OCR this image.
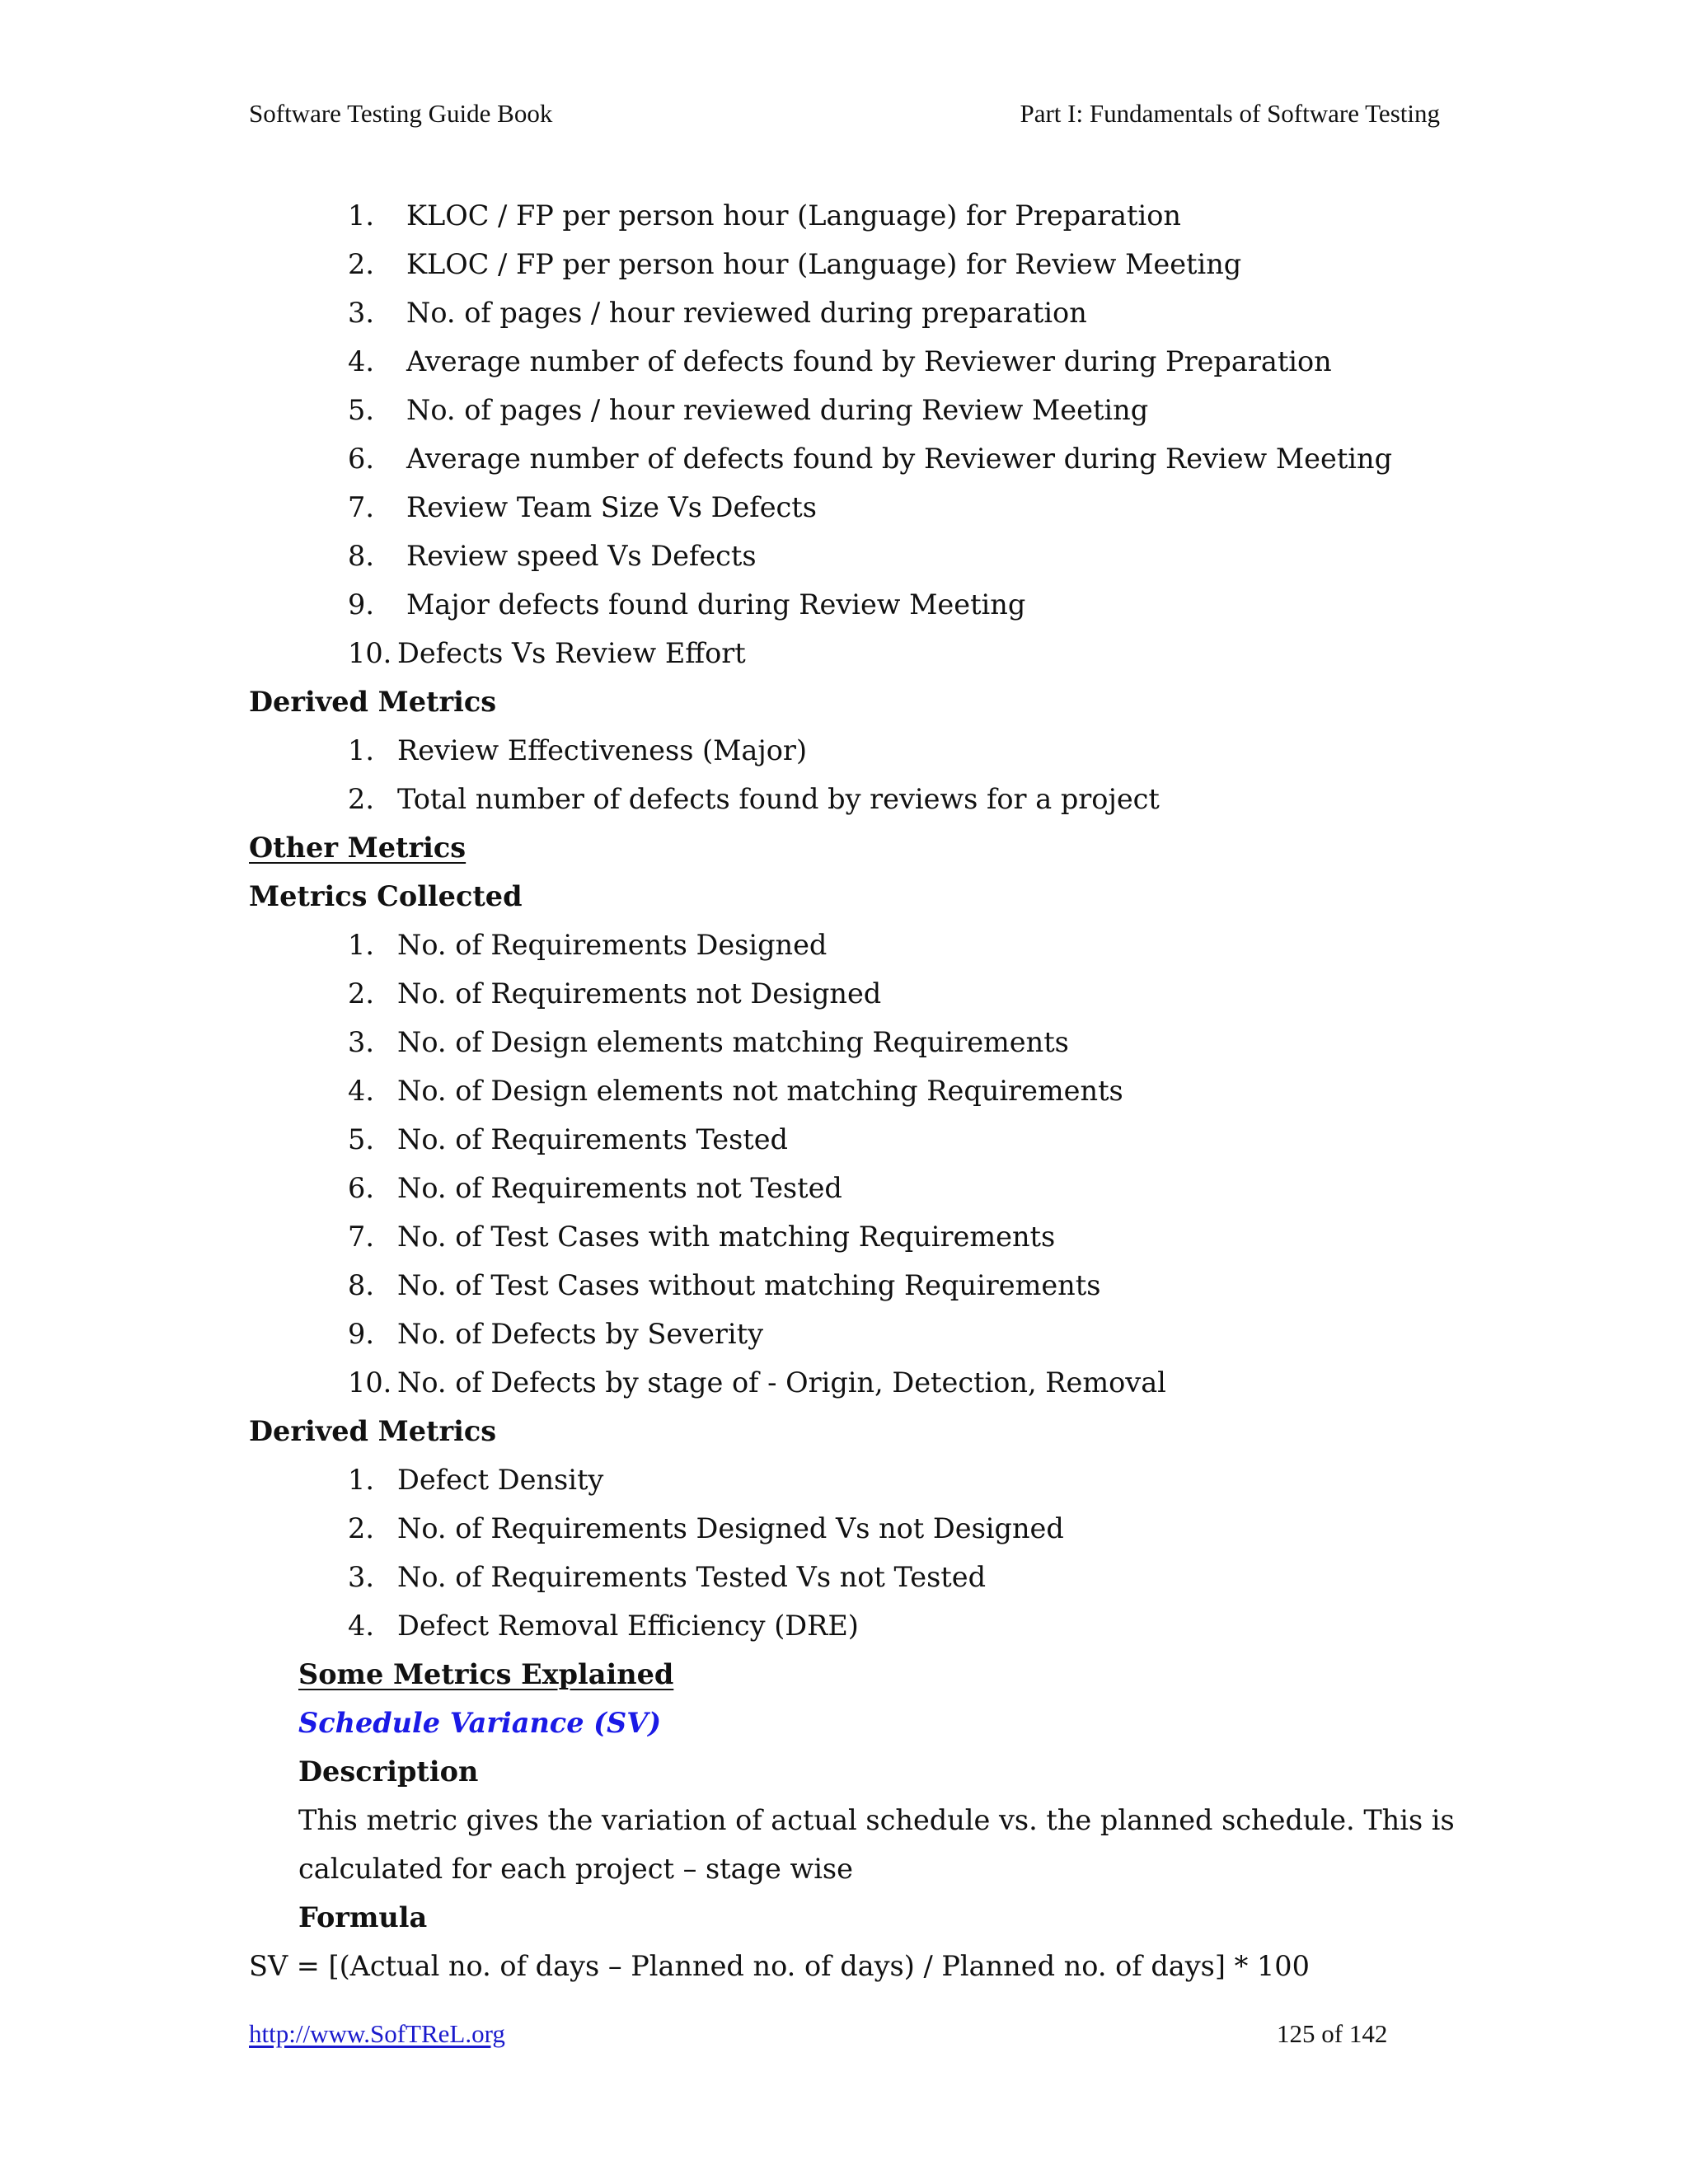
Software Testing Guide Book	Part I: Fundamentals of Software Testing
1. KLOC / FP per person hour (Language) for Preparation
2. KLOC / FP per person hour (Language) for Review Meeting
3. No. of pages / hour reviewed during preparation
4. Average number of defects found by Reviewer during Preparation
5. No. of pages / hour reviewed during Review Meeting
6. Average number of defects found by Reviewer during Review Meeting
7. Review Team Size Vs Defects
8. Review speed Vs Defects
9. Major defects found during Review Meeting
10. Defects Vs Review Effort
Derived Metrics
1. Review Effectiveness (Major)
2. Total number of defects found by reviews for a project
Other Metrics
Metrics Collected
1. No. of Requirements Designed
2. No. of Requirements not Designed
3. No. of Design elements matching Requirements
4. No. of Design elements not matching Requirements
5. No. of Requirements Tested
6. No. of Requirements not Tested
7. No. of Test Cases with matching Requirements
8. No. of Test Cases without matching Requirements
9. No. of Defects by Severity
10. No. of Defects by stage of - Origin, Detection, Removal
Derived Metrics
1. Defect Density
2. No. of Requirements Designed Vs not Designed
3. No. of Requirements Tested Vs not Tested
4. Defect Removal Efficiency (DRE)
Some Metrics Explained
Schedule Variance (SV)
Description
This metric gives the variation of actual schedule vs. the planned schedule. This is
calculated for each project – stage wise
Formula
SV = [(Actual no. of days – Planned no. of days) / Planned no. of days] * 100
http://www.SofTReL.org	125 of 142
